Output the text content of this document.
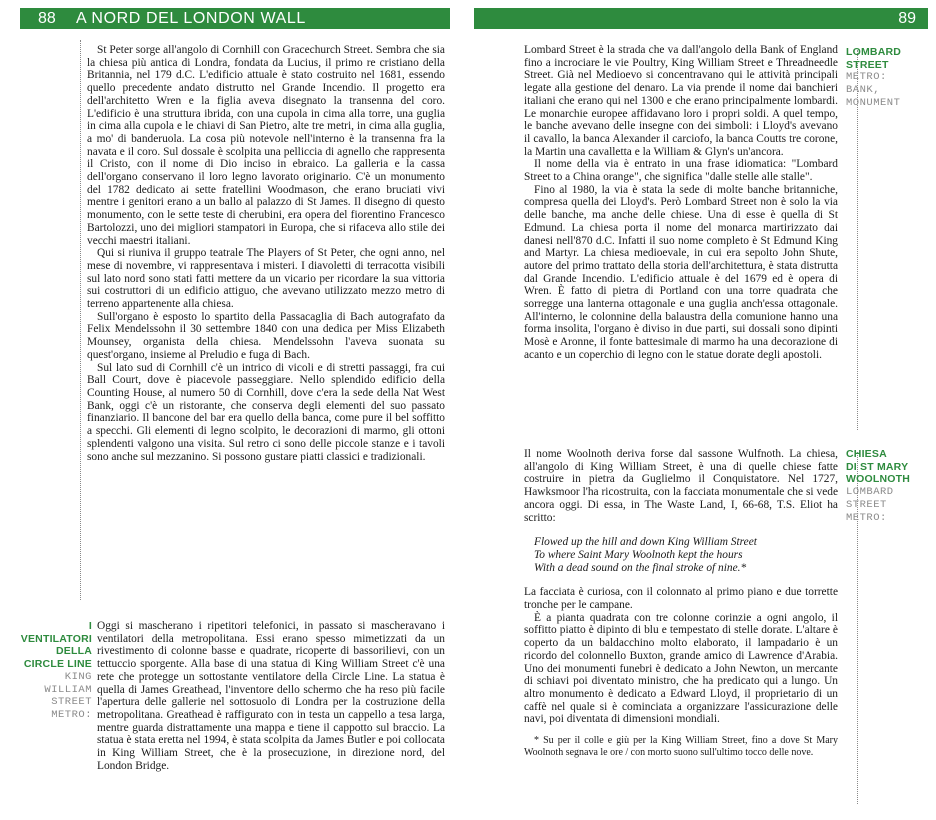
88 A NORD DEL LONDON WALL	89

St Peter sorge all'angolo di Cornhill con Gracechurch Street. Sembra che sia la chiesa più antica di Londra, fondata da Lucius, il primo re cristiano della Britannia, nel 179 d.C. L'edificio attuale è stato costruito nel 1681, essendo quello precedente andato distrutto nel Grande Incendio. Il progetto era dell'architetto Wren e la figlia aveva disegnato la transenna del coro. L'edificio è una struttura ibrida, con una cupola in cima alla torre, una guglia in cima alla cupola e le chiavi di San Pietro, alte tre metri, in cima alla guglia, a mo' di banderuola. La cosa più notevole nell'interno è la transenna fra la navata e il coro. Sul dossale è scolpita una pelliccia di agnello che rappresenta il Cristo, con il nome di Dio inciso in ebraico. La galleria e la cassa dell'organo conservano il loro legno lavorato originario. C'è un monumento del 1782 dedicato ai sette fratellini Woodmason, che erano bruciati vivi mentre i genitori erano a un ballo al palazzo di St James. Il disegno di questo monumento, con le sette teste di cherubini, era opera del fiorentino Francesco Bartolozzi, uno dei migliori stampatori in Europa, che si rifaceva allo stile dei vecchi maestri italiani.

Qui si riuniva il gruppo teatrale The Players of St Peter, che ogni anno, nel mese di novembre, vi rappresentava i misteri. I diavoletti di terracotta visibili sul lato nord sono stati fatti mettere da un vicario per ricordare la sua vittoria sui costruttori di un edificio attiguo, che avevano utilizzato mezzo metro di terreno appartenente alla chiesa.

Sull'organo è esposto lo spartito della Passacaglia di Bach autografato da Felix Mendelssohn il 30 settembre 1840 con una dedica per Miss Elizabeth Mounsey, organista della chiesa. Mendelssohn l'aveva suonata su quest'organo, insieme al Preludio e fuga di Bach.

Sul lato sud di Cornhill c'è un intrico di vicoli e di stretti passaggi, fra cui Ball Court, dove è piacevole passeggiare. Nello splendido edificio della Counting House, al numero 50 di Cornhill, dove c'era la sede della Nat West Bank, oggi c'è un ristorante, che conserva degli elementi del suo passato finanziario. Il bancone del bar era quello della banca, come pure il bel soffitto a specchi. Gli elementi di legno scolpito, le decorazioni di marmo, gli ottoni splendenti valgono una visita. Sul retro ci sono delle piccole stanze e i tavoli sono anche sul mezzanino. Si possono gustare piatti classici e tradizionali.

I VENTILATORI
DELLA
CIRCLE LINE
KING
WILLIAM
STREET
METRO:

Oggi si mascherano i ripetitori telefonici, in passato si mascheravano i ventilatori della metropolitana. Essi erano spesso mimetizzati da un rivestimento di colonne basse e quadrate, ricoperte di bassorilievi, con un tettuccio sporgente. Alla base di una statua di King William Street c'è una rete che protegge un sottostante ventilatore della Circle Line. La statua è quella di James Greathead, l'inventore dello schermo che ha reso più facile l'apertura delle gallerie nel sottosuolo di Londra per la costruzione della metropolitana. Greathead è raffigurato con in testa un cappello a tesa larga, mentre guarda distrattamente una mappa e tiene il cappotto sul braccio. La statua è stata eretta nel 1994, è stata scolpita da James Butler e poi collocata in King William Street, che è la prosecuzione, in direzione nord, del London Bridge.

Lombard Street è la strada che va dall'angolo della Bank of England fino a incrociare le vie Poultry, King William Street e Threadneedle Street. Già nel Medioevo si concentravano qui le attività principali legate alla gestione del denaro. La via prende il nome dai banchieri italiani che erano qui nel 1300 e che erano principalmente lombardi. Le monarchie europee affidavano loro i propri soldi. A quel tempo, le banche avevano delle insegne con dei simboli: i Lloyd's avevano il cavallo, la banca Alexander il carciofo, la banca Coutts tre corone, la Martin una cavalletta e la William & Glyn's un'ancora.

Il nome della via è entrato in una frase idiomatica: "Lombard Street to a China orange", che significa "dalle stelle alle stalle".

Fino al 1980, la via è stata la sede di molte banche britanniche, compresa quella dei Lloyd's. Però Lombard Street non è solo la via delle banche, ma anche delle chiese. Una di esse è quella di St Edmund. La chiesa porta il nome del monarca martirizzato dai danesi nell'870 d.C. Infatti il suo nome completo è St Edmund King and Martyr. La chiesa medioevale, in cui era sepolto John Shute, autore del primo trattato della storia dell'architettura, è stata distrutta dal Grande Incendio. L'edificio attuale è del 1679 ed è opera di Wren. È fatto di pietra di Portland con una torre quadrata che sorregge una lanterna ottagonale e una guglia anch'essa ottagonale. All'interno, le colonnine della balaustra della comunione hanno una forma insolita, l'organo è diviso in due parti, sui dossali sono dipinti Mosè e Aronne, il fonte battesimale di marmo ha una decorazione di acanto e un coperchio di legno con le statue dorate degli apostoli.

LOMBARD
STREET
METRO:
BANK,
MONUMENT

Il nome Woolnoth deriva forse dal sassone Wulfnoth. La chiesa, all'angolo di King William Street, è una di quelle chiese fatte costruire in pietra da Guglielmo il Conquistatore. Nel 1727, Hawksmoor l'ha ricostruita, con la facciata monumentale che si vede ancora oggi. Di essa, in The Waste Land, I, 66-68, T.S. Eliot ha scritto:

Flowed up the hill and down King William Street
To where Saint Mary Woolnoth kept the hours
With a dead sound on the final stroke of nine.*

La facciata è curiosa, con il colonnato al primo piano e due torrette tronche per le campane.

È a pianta quadrata con tre colonne corinzie a ogni angolo, il soffitto piatto è dipinto di blu e tempestato di stelle dorate. L'altare è coperto da un baldacchino molto elaborato, il lampadario è un ricordo del colonnello Buxton, grande amico di Lawrence d'Arabia. Uno dei monumenti funebri è dedicato a John Newton, un mercante di schiavi poi diventato ministro, che ha predicato qui a lungo. Un altro monumento è dedicato a Edward Lloyd, il proprietario di un caffè nel quale si è cominciata a organizzare l'assicurazione delle navi, poi diventata di dimensioni mondiali.

* Su per il colle e giù per la King William Street, fino a dove St Mary Woolnoth segnava le ore / con morto suono sull'ultimo tocco delle nove.

CHIESA
DI ST MARY
WOOLNOTH
LOMBARD
STREET
METRO:
